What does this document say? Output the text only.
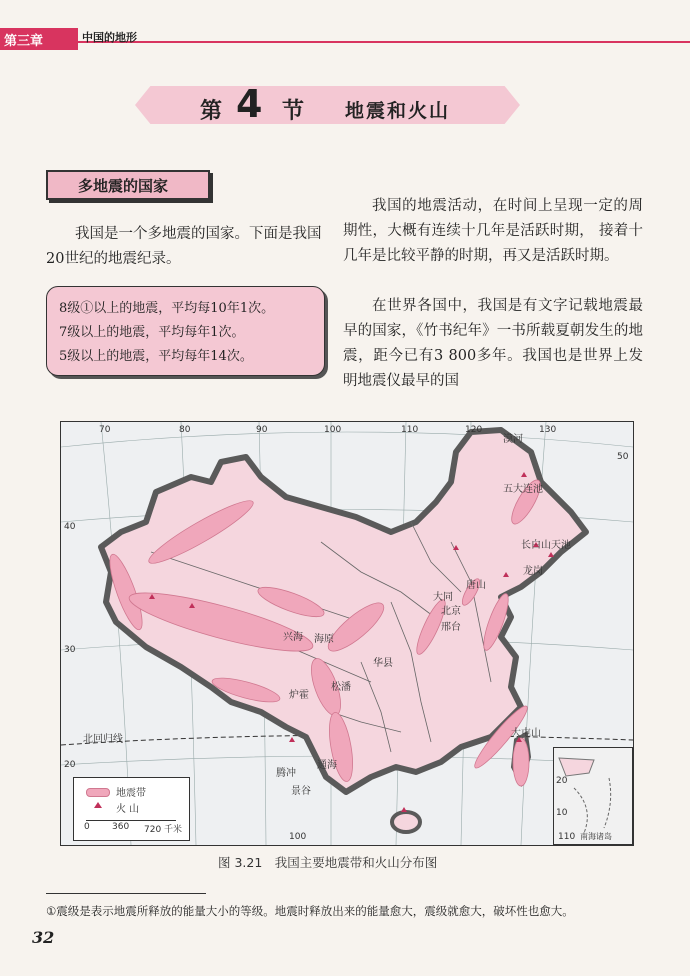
第三章	中国的地形
第 4 节 地震和火山
多地震的国家
我国是一个多地震的国家。下面是我国20世纪的地震纪录。
我国的地震活动，在时间上呈现一定的周期性，大概有连续十几年是活跃时期， 接着十几年是比较平静的时期，再又是活跃时期。
在世界各国中，我国是有文字记载地震最早的国家，《竹书纪年》一书所载夏朝发生的地震，距今已有3 800多年。我国也是世界上发明地震仪最早的国
8级①以上的地震，平均每10年1次。
7级以上的地震，平均每年1次。
5级以上的地震，平均每年14次。
70	80	90	100	110	120	130
100
50
40
30
20
北回归线
漠河
五大连池
长白山天池
龙岗
大同
北京
唐山
邢台
兴海 海原
华县
松潘
炉霍
通海
腾冲
景谷
大屯山
地震带
火 山
0 360 720 千米
20
10
110 南海诸岛
图 3.21　我国主要地震带和火山分布图
①震级是表示地震所释放的能量大小的等级。地震时释放出来的能量愈大，震级就愈大，破坏性也愈大。
32
